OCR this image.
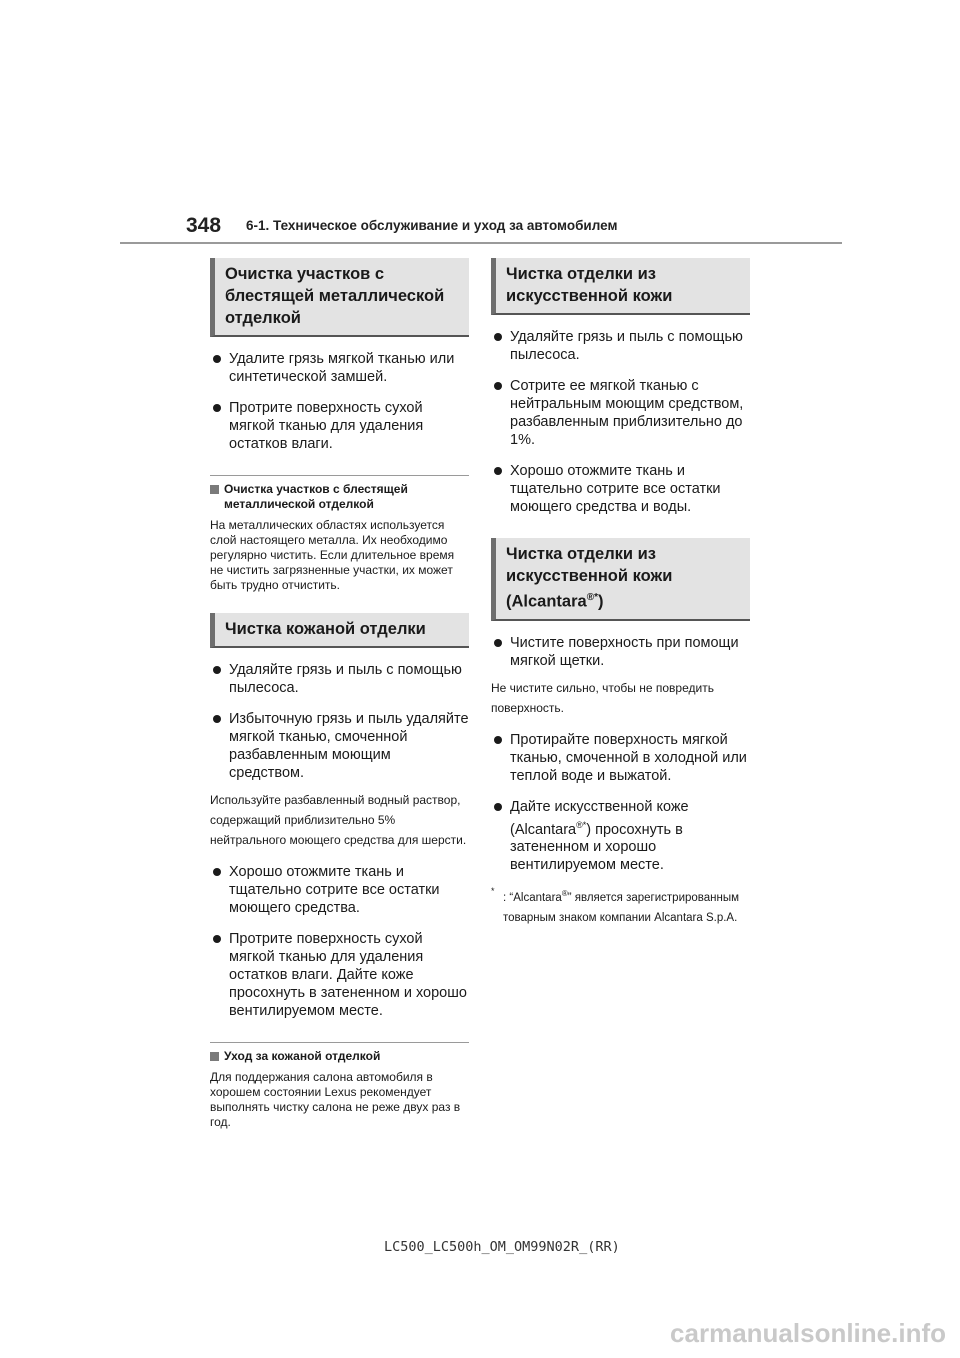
348 6-1. Техническое обслуживание и уход за автомобилем
Очистка участков с блестящей металлической отделкой
Удалите грязь мягкой тканью или синтетической замшей.
Протрите поверхность сухой мягкой тканью для удаления остатков влаги.
Очистка участков с блестящей металлической отделкой
На металлических областях используется слой настоящего металла. Их необходимо регулярно чистить. Если длительное время не чистить загрязненные участки, их может быть трудно отчистить.
Чистка кожаной отделки
Удаляйте грязь и пыль с помощью пылесоса.
Избыточную грязь и пыль удаляйте мягкой тканью, смоченной разбавленным моющим средством.
Используйте разбавленный водный раствор, содержащий приблизительно 5% нейтрального моющего средства для шерсти.
Хорошо отожмите ткань и тщательно сотрите все остатки моющего средства.
Протрите поверхность сухой мягкой тканью для удаления остатков влаги. Дайте коже просохнуть в затененном и хорошо вентилируемом месте.
Уход за кожаной отделкой
Для поддержания салона автомобиля в хорошем состоянии Lexus рекомендует выполнять чистку салона не реже двух раз в год.
Чистка отделки из искусственной кожи
Удаляйте грязь и пыль с помощью пылесоса.
Сотрите ее мягкой тканью с нейтральным моющим средством, разбавленным приблизительно до 1%.
Хорошо отожмите ткань и тщательно сотрите все остатки моющего средства и воды.
Чистка отделки из искусственной кожи
(Alcantara®*)
Чистите поверхность при помощи мягкой щетки.
Не чистите сильно, чтобы не повредить поверхность.
Протирайте поверхность мягкой тканью, смоченной в холодной или теплой воде и выжатой.
Дайте искусственной коже (Alcantara®*) просохнуть в затененном и хорошо вентилируемом месте.
*
: “Alcantara®” является зарегистрированным товарным знаком компании Alcantara S.p.A.
LC500_LC500h_OM_OM99N02R_(RR)
carmanualsonline.info
